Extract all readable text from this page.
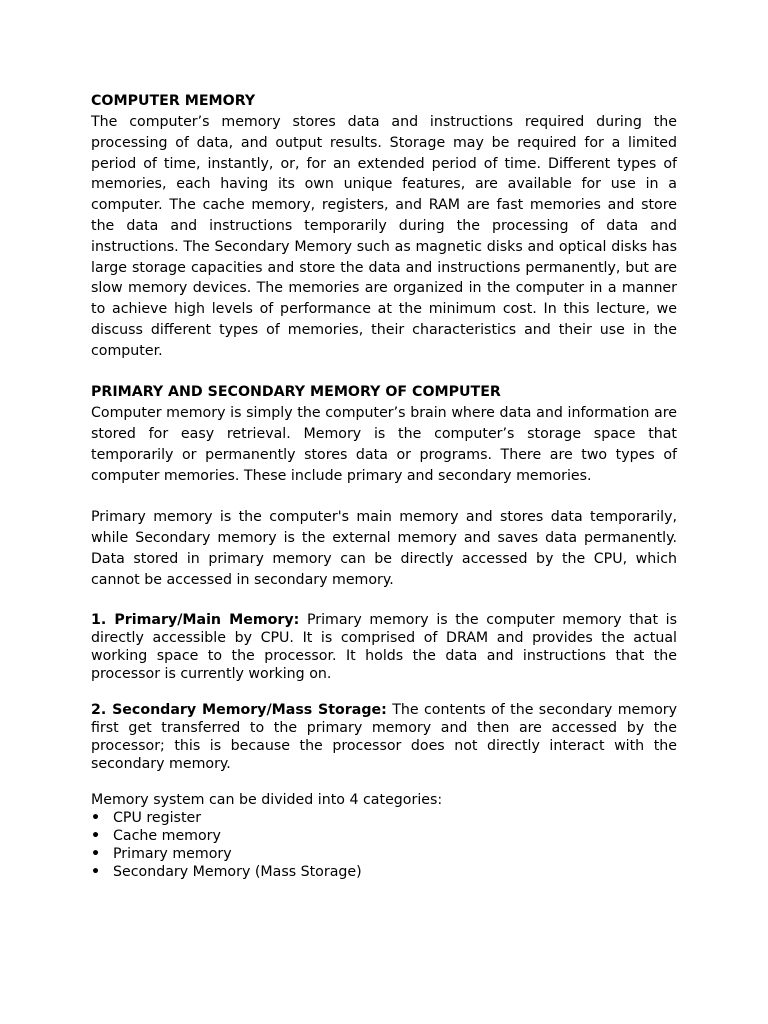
COMPUTER MEMORY

The computer’s memory stores data and instructions required during the processing of data, and output results. Storage may be required for a limited period of time, instantly, or, for an extended period of time. Different types of memories, each having its own unique features, are available for use in a computer. The cache memory, registers, and RAM are fast memories and store the data and instructions temporarily during the processing of data and instructions. The Secondary Memory such as magnetic disks and optical disks has large storage capacities and store the data and instructions permanently, but are slow memory devices. The memories are organized in the computer in a manner to achieve high levels of performance at the minimum cost. In this lecture, we discuss different types of memories, their characteristics and their use in the computer.

PRIMARY AND SECONDARY MEMORY OF COMPUTER

Computer memory is simply the computer’s brain where data and information are stored for easy retrieval. Memory is the computer’s storage space that temporarily or permanently stores data or programs. There are two types of computer memories. These include primary and secondary memories.

Primary memory is the computer's main memory and stores data temporarily, while Secondary memory is the external memory and saves data permanently. Data stored in primary memory can be directly accessed by the CPU, which cannot be accessed in secondary memory.

1. Primary/Main Memory: Primary memory is the computer memory that is directly accessible by CPU. It is comprised of DRAM and provides the actual working space to the processor. It holds the data and instructions that the processor is currently working on.

2. Secondary Memory/Mass Storage: The contents of the secondary memory first get transferred to the primary memory and then are accessed by the processor; this is because the processor does not directly interact with the secondary memory.

Memory system can be divided into 4 categories:

• CPU register
• Cache memory
• Primary memory
• Secondary Memory (Mass Storage)
